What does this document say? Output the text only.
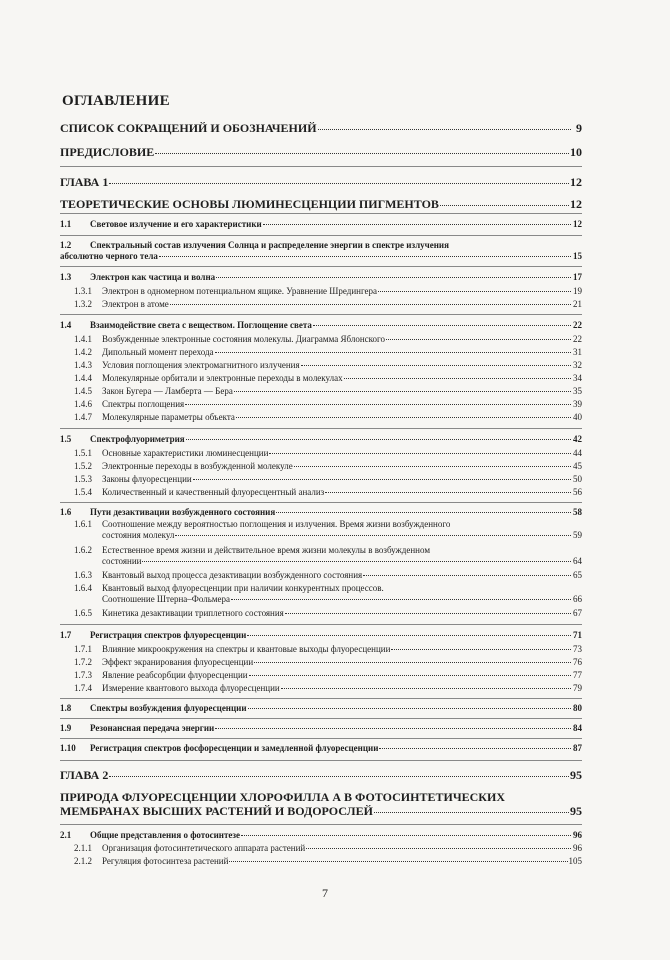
ОГЛАВЛЕНИЕ
СПИСОК СОКРАЩЕНИЙ И ОБОЗНАЧЕНИЙ	9
ПРЕДИСЛОВИЕ	10
ГЛАВА 1	12
ТЕОРЕТИЧЕСКИЕ ОСНОВЫ ЛЮМИНЕСЦЕНЦИИ ПИГМЕНТОВ	12
1.1	Световое излучение и его характеристики	12
1.2	Спектральный состав излучения Солнца и распределение энергии в спектре излучения
абсолютно черного тела	15
1.3	Электрон как частица и волна	17
1.3.1	Электрон в одномерном потенциальном ящике. Уравнение Шредингера	19
1.3.2	Электрон в атоме	21
1.4	Взаимодействие света с веществом. Поглощение света	22
1.4.1	Возбужденные электронные состояния молекулы. Диаграмма Яблонского	22
1.4.2	Дипольный момент перехода	31
1.4.3	Условия поглощения электромагнитного излучения	32
1.4.4	Молекулярные орбитали и электронные переходы в молекулах	34
1.4.5	Закон Бугера — Ламберта — Бера	35
1.4.6	Спектры поглощения	39
1.4.7	Молекулярные параметры объекта	40
1.5	Спектрофлуориметрия	42
1.5.1	Основные характеристики люминесценции	44
1.5.2	Электронные переходы в возбужденной молекуле	45
1.5.3	Законы флуоресценции	50
1.5.4	Количественный и качественный флуоресцентный анализ	56
1.6	Пути дезактивации возбужденного состояния	58
1.6.1	Соотношение между вероятностью поглощения и излучения. Время жизни возбужденного
состояния молекул	59
1.6.2	Естественное время жизни и действительное время жизни молекулы в возбужденном
состоянии	64
1.6.3	Квантовый выход процесса дезактивации возбужденного состояния	65
1.6.4	Квантовый выход флуоресценции при наличии конкурентных процессов.
Соотношение Штерна–Фольмера	66
1.6.5	Кинетика дезактивации триплетного состояния	67
1.7	Регистрация спектров флуоресценции	71
1.7.1	Влияние микроокружения на спектры и квантовые выходы флуоресценции	73
1.7.2	Эффект экранирования флуоресценции	76
1.7.3	Явление реабсорбции флуоресценции	77
1.7.4	Измерение квантового выхода флуоресценции	79
1.8	Спектры возбуждения флуоресценции	80
1.9	Резонансная передача энергии	84
1.10	Регистрация спектров фосфоресценции и замедленной флуоресценции	87
ГЛАВА 2	95
ПРИРОДА ФЛУОРЕСЦЕНЦИИ ХЛОРОФИЛЛА А В ФОТОСИНТЕТИЧЕСКИХ
МЕМБРАНАХ ВЫСШИХ РАСТЕНИЙ И ВОДОРОСЛЕЙ	95
2.1	Общие представления о фотосинтезе	96
2.1.1	Организация фотосинтетического аппарата растений	96
2.1.2	Регуляция фотосинтеза растений	105
7
